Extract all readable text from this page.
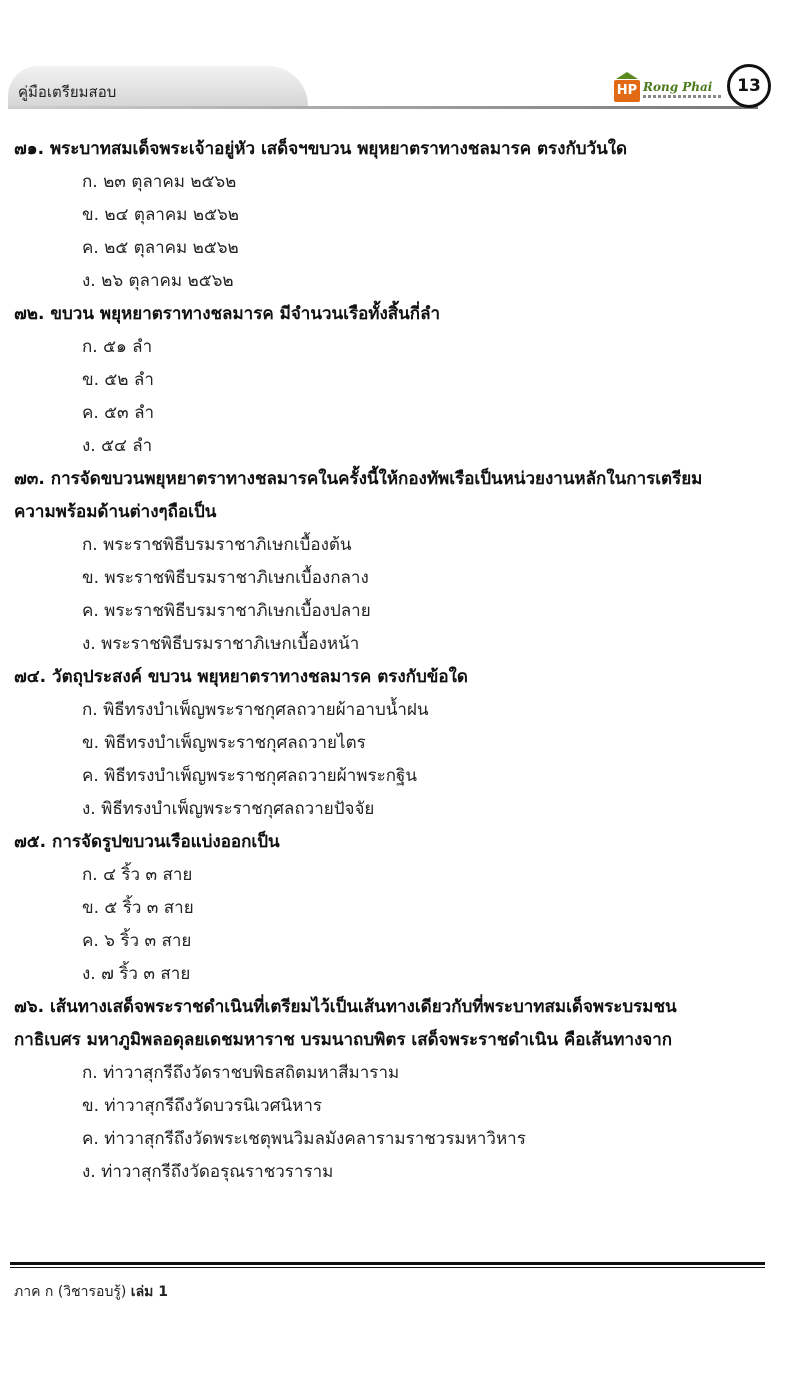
คู่มือเตรียมสอบ	HP Rong Phai	13
๗๑. พระบาทสมเด็จพระเจ้าอยู่หัว เสด็จฯขบวน พยุหยาตราทางชลมารค ตรงกับวันใด
ก. ๒๓ ตุลาคม ๒๕๖๒
ข. ๒๔ ตุลาคม ๒๕๖๒
ค. ๒๕ ตุลาคม ๒๕๖๒
ง. ๒๖ ตุลาคม ๒๕๖๒
๗๒. ขบวน พยุหยาตราทางชลมารค มีจำนวนเรือทั้งสิ้นกี่ลำ
ก. ๕๑ ลำ
ข. ๕๒ ลำ
ค. ๕๓ ลำ
ง. ๕๔ ลำ
๗๓. การจัดขบวนพยุหยาตราทางชลมารคในครั้งนี้ให้กองทัพเรือเป็นหน่วยงานหลักในการเตรียม
ความพร้อมด้านต่างๆถือเป็น
ก. พระราชพิธีบรมราชาภิเษกเบื้องต้น
ข. พระราชพิธีบรมราชาภิเษกเบื้องกลาง
ค. พระราชพิธีบรมราชาภิเษกเบื้องปลาย
ง. พระราชพิธีบรมราชาภิเษกเบื้องหน้า
๗๔. วัตถุประสงค์ ขบวน พยุหยาตราทางชลมารค ตรงกับข้อใด
ก. พิธีทรงบำเพ็ญพระราชกุศลถวายผ้าอาบน้ำฝน
ข. พิธีทรงบำเพ็ญพระราชกุศลถวายไตร
ค. พิธีทรงบำเพ็ญพระราชกุศลถวายผ้าพระกฐิน
ง. พิธีทรงบำเพ็ญพระราชกุศลถวายปัจจัย
๗๕. การจัดรูปขบวนเรือแบ่งออกเป็น
ก. ๔ ริ้ว ๓ สาย
ข. ๕ ริ้ว ๓ สาย
ค. ๖ ริ้ว ๓ สาย
ง. ๗ ริ้ว ๓ สาย
๗๖. เส้นทางเสด็จพระราชดำเนินที่เตรียมไว้เป็นเส้นทางเดียวกับที่พระบาทสมเด็จพระบรมชน
กาธิเบศร มหาภูมิพลอดุลยเดชมหาราช บรมนาถบพิตร เสด็จพระราชดำเนิน คือเส้นทางจาก
ก. ท่าวาสุกรีถึงวัดราชบพิธสถิตมหาสีมาราม
ข. ท่าวาสุกรีถึงวัดบวรนิเวศนิหาร
ค. ท่าวาสุกรีถึงวัดพระเชตุพนวิมลมังคลารามราชวรมหาวิหาร
ง. ท่าวาสุกรีถึงวัดอรุณราชวราราม
ภาค ก (วิชารอบรู้) เล่ม 1
